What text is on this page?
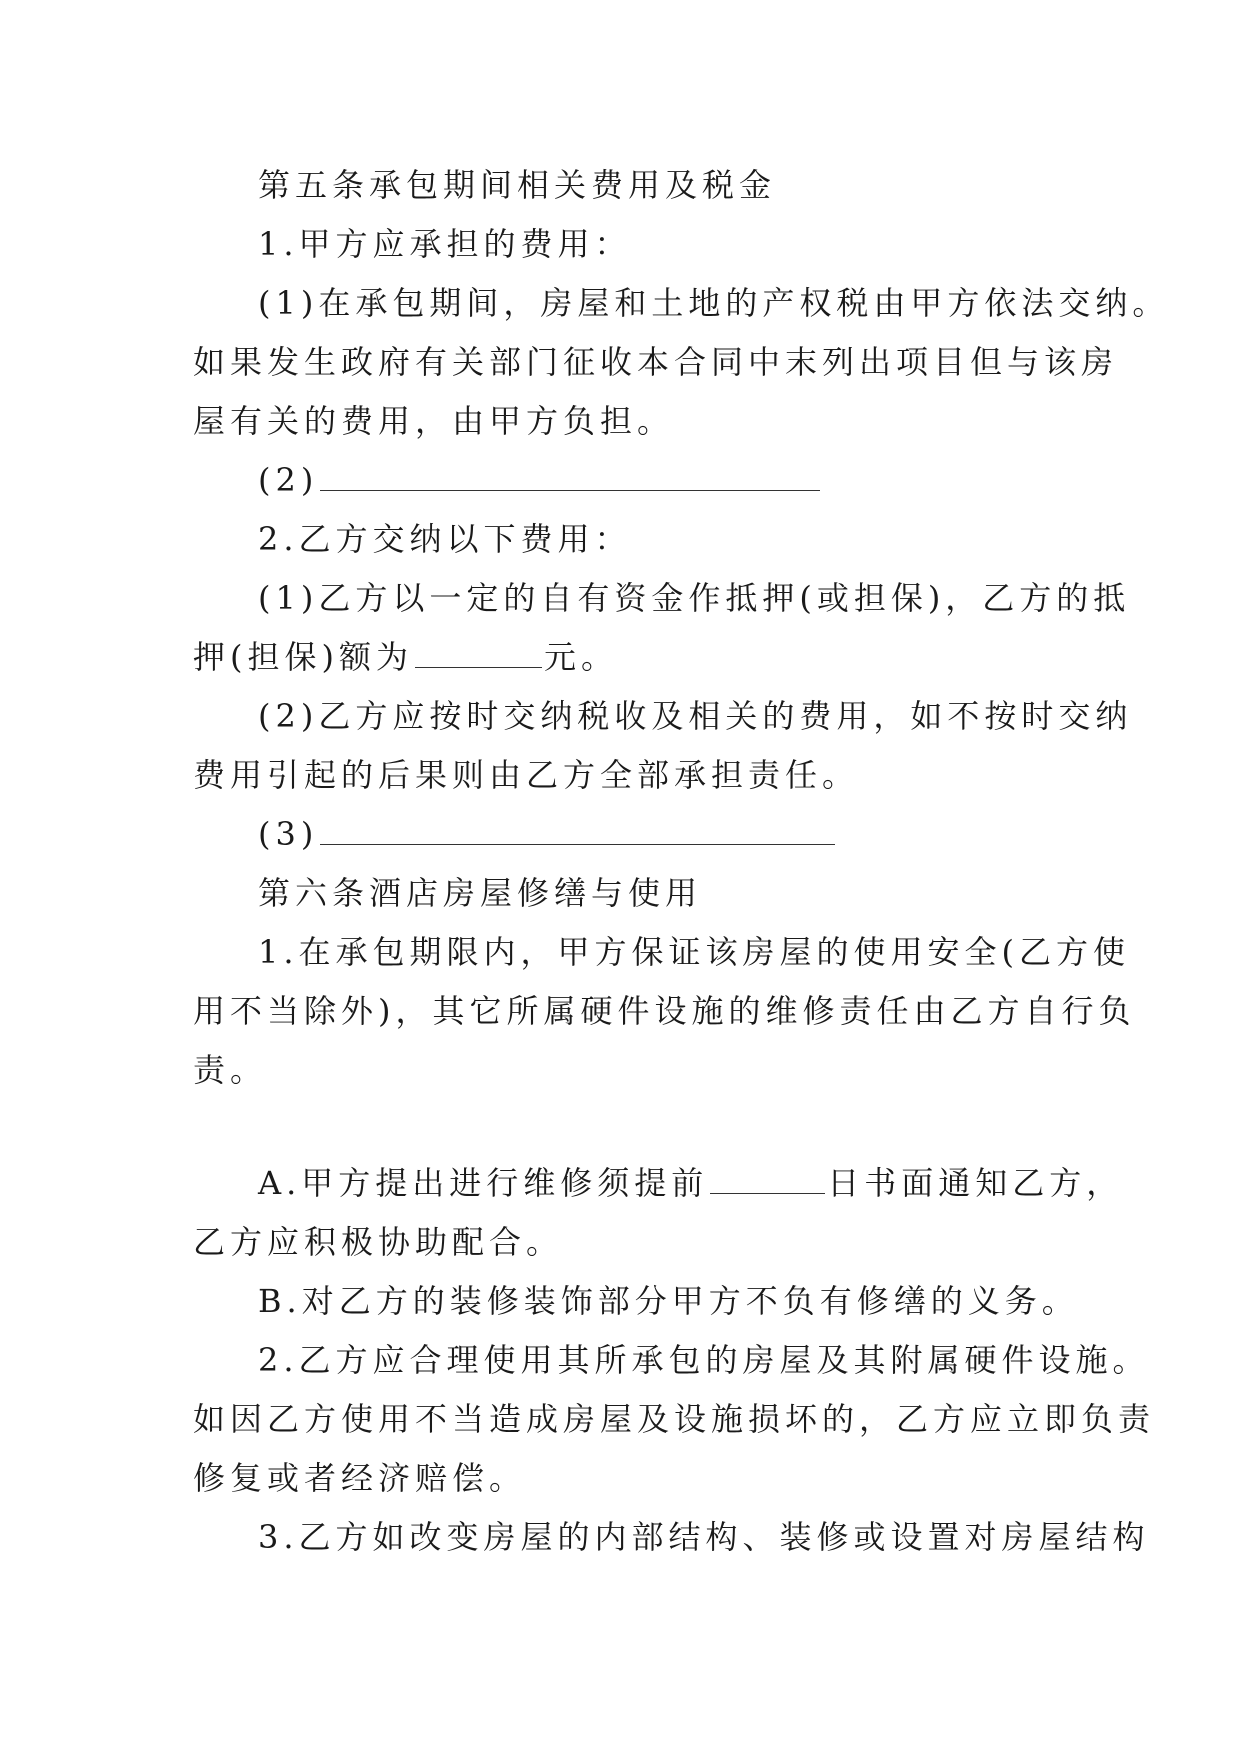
第五条承包期间相关费用及税金
1.甲方应承担的费用：
(1)在承包期间，房屋和土地的产权税由甲方依法交纳。
如果发生政府有关部门征收本合同中末列出项目但与该房
屋有关的费用，由甲方负担。
(2)
2.乙方交纳以下费用：
(1)乙方以一定的自有资金作抵押(或担保)，乙方的抵
押(担保)额为	元。
(2)乙方应按时交纳税收及相关的费用，如不按时交纳
费用引起的后果则由乙方全部承担责任。
(3)
第六条酒店房屋修缮与使用
1.在承包期限内，甲方保证该房屋的使用安全(乙方使
用不当除外)，其它所属硬件设施的维修责任由乙方自行负
责。
A.甲方提出进行维修须提前	日书面通知乙方，
乙方应积极协助配合。
B.对乙方的装修装饰部分甲方不负有修缮的义务。
2.乙方应合理使用其所承包的房屋及其附属硬件设施。
如因乙方使用不当造成房屋及设施损坏的，乙方应立即负责
修复或者经济赔偿。
3.乙方如改变房屋的内部结构、装修或设置对房屋结构
